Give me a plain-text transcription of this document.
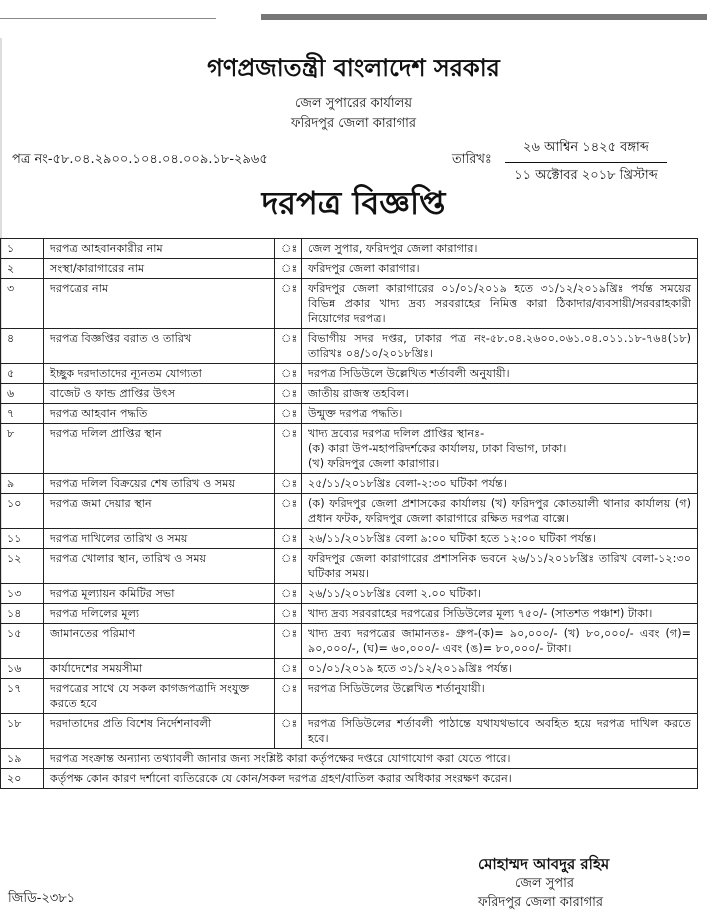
গণপ্রজাতন্ত্রী বাংলাদেশ সরকার
জেল সুপারের কার্যালয়
ফরিদপুর জেলা কারাগার
পত্র নং-৫৮.০৪.২৯০০.১০৪.০৪.০০৯.১৮-২৯৬৫	তারিখঃ
২৬ আশ্বিন ১৪২৫ বঙ্গাব্দ
১১ অক্টোবর ২০১৮ খ্রিস্টাব্দ
দরপত্র বিজ্ঞপ্তি
১	দরপত্র আহবানকারীর নাম	ঃ	জেল সুপার, ফরিদপুর জেলা কারাগার।

২	সংস্থা/কারাগারের নাম	ঃ	ফরিদপুর জেলা কারাগার।

৩	দরপত্রের নাম	ঃ	ফরিদপুর জেলা কারাগারের ০১/০১/২০১৯ হতে ৩১/১২/২০১৯খ্রিঃ পর্যন্ত সময়ের বিভিন্ন প্রকার খাদ্য দ্রব্য সরবরাহের নিমিত্ত কারা ঠিকাদার/ব্যবসায়ী/সরবরাহকারী নিয়োগের দরপত্র।

৪	দরপত্র বিজ্ঞপ্তির বরাত ও তারিখ	ঃ	বিভাগীয় সদর দপ্তর, ঢাকার পত্র নং-৫৮.০৪.২৬০০.০৬১.০৪.০১১.১৮-৭৬৪(১৮) তারিখঃ ০৪/১০/২০১৮খ্রিঃ।

৫	ইচ্ছুক দরদাতাদের ন্যূনতম যোগ্যতা	ঃ	দরপত্র সিডিউলে উল্লেখিত শর্তাবলী অনুযায়ী।

৬	বাজেট ও ফান্ড প্রাপ্তির উৎস	ঃ	জাতীয় রাজস্ব তহবিল।

৭	দরপত্র আহবান পদ্ধতি	ঃ	উন্মুক্ত দরপত্র পদ্ধতি।

৮	দরপত্র দলিল প্রাপ্তির স্থান	ঃ	খাদ্য দ্রব্যের দরপত্র দলিল প্রাপ্তির স্থানঃ-
(ক) কারা উপ-মহাপরিদর্শকের কার্যালয়, ঢাকা বিভাগ, ঢাকা।
(খ) ফরিদপুর জেলা কারাগার।

৯	দরপত্র দলিল বিক্রয়ের শেষ তারিখ ও সময়	ঃ	২৫/১১/২০১৮খ্রিঃ বেলা-২:৩০ ঘটিকা পর্যন্ত।

১০	দরপত্র জমা দেয়ার স্থান	ঃ	(ক) ফরিদপুর জেলা প্রশাসকের কার্যালয় (খ) ফরিদপুর কোতয়ালী থানার কার্যালয় (গ) প্রধান ফটক, ফরিদপুর জেলা কারাগারে রক্ষিত দরপত্র বাক্সে।

১১	দরপত্র দাখিলের তারিখ ও সময়	ঃ	২৬/১১/২০১৮খ্রিঃ বেলা ৯:০০ ঘটিকা হতে ১২:০০ ঘটিকা পর্যন্ত।

১২	দরপত্র খোলার স্থান, তারিখ ও সময়	ঃ	ফরিদপুর জেলা কারাগারের প্রশাসনিক ভবনে ২৬/১১/২০১৮খ্রিঃ তারিখ বেলা-১২:৩০ ঘটিকার সময়।

১৩	দরপত্র মূল্যায়ন কমিটির সভা	ঃ	২৬/১১/২০১৮খ্রিঃ বেলা ২.০০ ঘটিকা।

১৪	দরপত্র দলিলের মূল্য	ঃ	খাদ্য দ্রব্য সরবরাহের দরপত্রের সিডিউলের মূল্য ৭৫০/- (সাতশত পঞ্চাশ) টাকা।

১৫	জামানতের পরিমাণ	ঃ	খাদ্য দ্রব্য দরপত্রের জামানতঃ- গ্রুপ-(ক)= ৯০,০০০/- (খ) ৮০,০০০/- এবং (গ)= ৯০,০০০/-, (ঘ)= ৬০,০০০/- এবং (ঙ)= ৮০,০০০/- টাকা।

১৬	কার্যাদেশের সময়সীমা	ঃ	০১/০১/২০১৯ হতে ৩১/১২/২০১৯খ্রিঃ পর্যন্ত।

১৭	দরপত্রের সাথে যে সকল কাগজপত্রাদি সংযুক্ত করতে হবে	ঃ	দরপত্র সিডিউলের উল্লেখিত শর্তানুযায়ী।

১৮	দরদাতাদের প্রতি বিশেষ নির্দেশনাবলী	ঃ	দরপত্র সিডিউলের শর্তাবলী পাঠান্তে যথাযথভাবে অবহিত হয়ে দরপত্র দাখিল করতে হবে।

১৯	দরপত্র সংক্রান্ত অন্যান্য তথ্যাবলী জানার জন্য সংশ্লিষ্ট কারা কর্তৃপক্ষের দপ্তরে যোগাযোগ করা যেতে পারে।		
২০	কর্তৃপক্ষ কোন কারণ দর্শানো ব্যতিরেকে যে কোন/সকল দরপত্র গ্রহণ/বাতিল করার অধিকার সংরক্ষণ করেন।		
মোহাম্মদ আবদুর রহিম
জেল সুপার
ফরিদপুর জেলা কারাগার
জিডি-২৩৮১
